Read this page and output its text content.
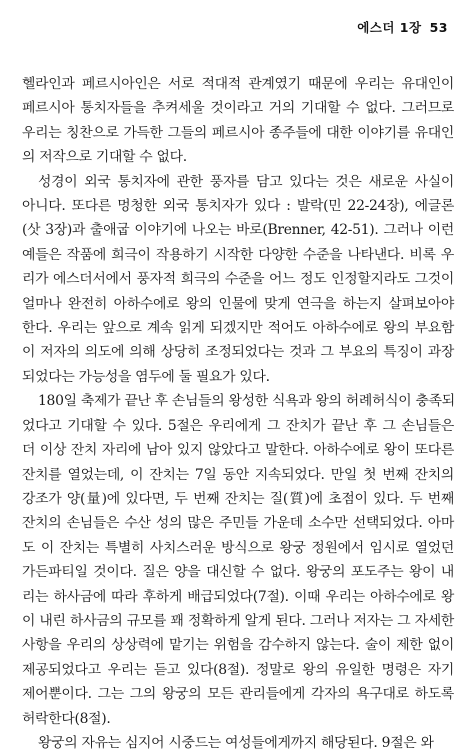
에스더 1장 53
헬라인과 페르시아인은 서로 적대적 관계였기 때문에 우리는 유대인이
페르시아 통치자들을 추켜세울 것이라고 거의 기대할 수 없다. 그러므로
우리는 칭찬으로 가득한 그들의 페르시아 종주들에 대한 이야기를 유대인
의 저작으로 기대할 수 없다.
성경이 외국 통치자에 관한 풍자를 담고 있다는 것은 새로운 사실이
아니다. 또다른 멍청한 외국 통치자가 있다 : 발락(민 22-24장), 에글론
(삿 3장)과 출애굽 이야기에 나오는 바로(Brenner, 42-51). 그러나 이런
예들은 작품에 희극이 작용하기 시작한 다양한 수준을 나타낸다. 비록 우
리가 에스더서에서 풍자적 희극의 수준을 어느 정도 인정할지라도 그것이
얼마나 완전히 아하수에로 왕의 인물에 맞게 연극을 하는지 살펴보아야
한다. 우리는 앞으로 계속 읽게 되겠지만 적어도 아하수에로 왕의 부요함
이 저자의 의도에 의해 상당히 조정되었다는 것과 그 부요의 특징이 과장
되었다는 가능성을 염두에 둘 필요가 있다.
180일 축제가 끝난 후 손님들의 왕성한 식욕과 왕의 허례허식이 충족되
었다고 기대할 수 있다. 5절은 우리에게 그 잔치가 끝난 후 그 손님들은
더 이상 잔치 자리에 남아 있지 않았다고 말한다. 아하수에로 왕이 또다른
잔치를 열었는데, 이 잔치는 7일 동안 지속되었다. 만일 첫 번째 잔치의
강조가 양(量)에 있다면, 두 번째 잔치는 질(質)에 초점이 있다. 두 번째
잔치의 손님들은 수산 성의 많은 주민들 가운데 소수만 선택되었다. 아마
도 이 잔치는 특별히 사치스러운 방식으로 왕궁 정원에서 임시로 열었던
가든파티일 것이다. 질은 양을 대신할 수 없다. 왕궁의 포도주는 왕이 내
리는 하사금에 따라 후하게 배급되었다(7절). 이때 우리는 아하수에로 왕
이 내린 하사금의 규모를 꽤 정확하게 알게 된다. 그러나 저자는 그 자세한
사항을 우리의 상상력에 맡기는 위험을 감수하지 않는다. 술이 제한 없이
제공되었다고 우리는 듣고 있다(8절). 정말로 왕의 유일한 명령은 자기
제어뿐이다. 그는 그의 왕궁의 모든 관리들에게 각자의 욕구대로 하도록
허락한다(8절).
왕궁의 자유는 심지어 시중드는 여성들에게까지 해당된다. 9절은 와
